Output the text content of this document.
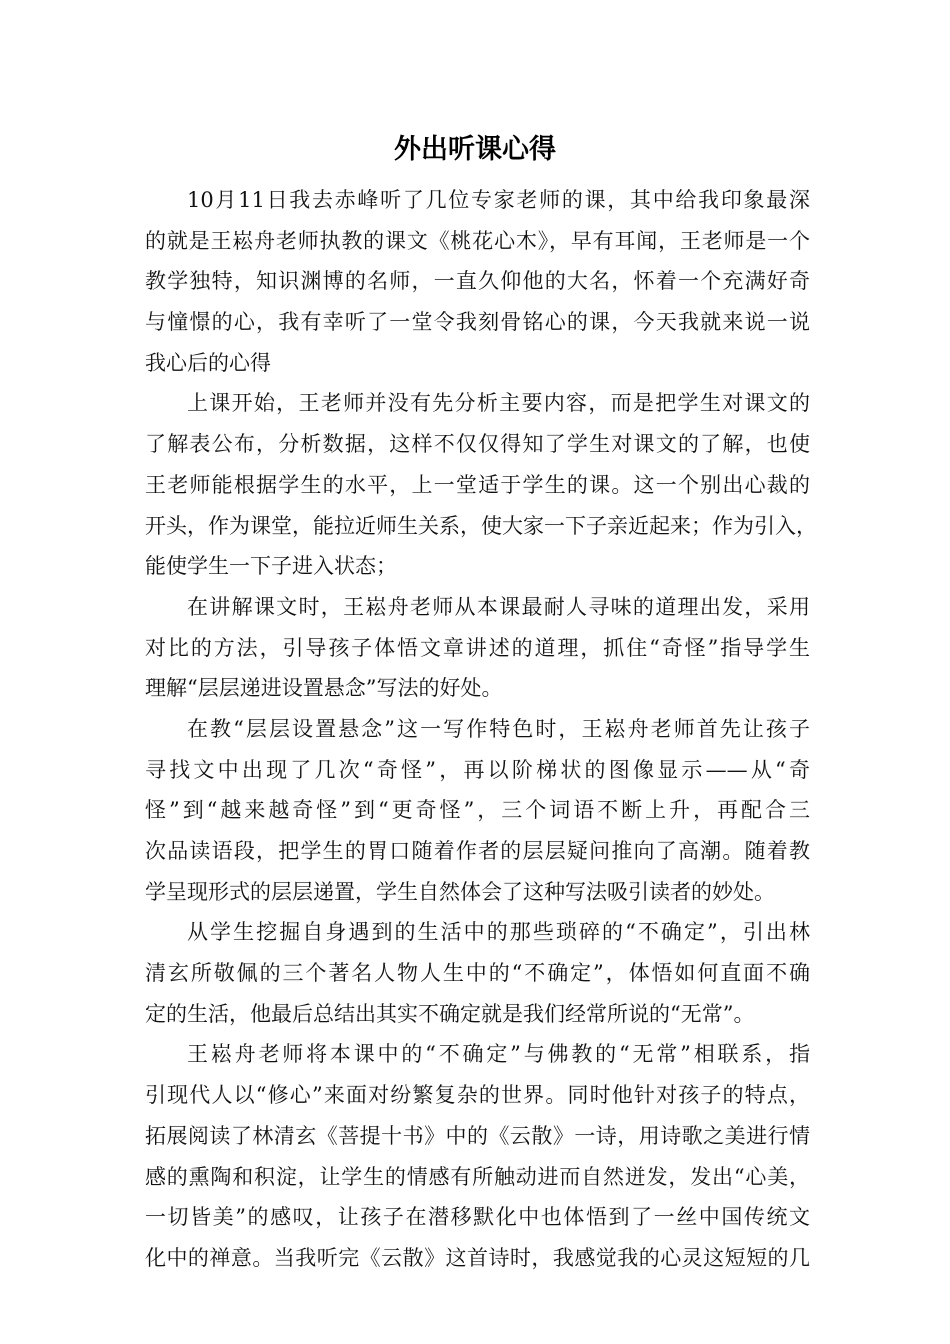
外出听课心得
10月11日我去赤峰听了几位专家老师的课，其中给我印象最深
的就是王崧舟老师执教的课文《桃花心木》，早有耳闻，王老师是一个
教学独特，知识渊博的名师，一直久仰他的大名，怀着一个充满好奇
与憧憬的心，我有幸听了一堂令我刻骨铭心的课，今天我就来说一说
我心后的心得
上课开始，王老师并没有先分析主要内容，而是把学生对课文的
了解表公布，分析数据，这样不仅仅得知了学生对课文的了解，也使
王老师能根据学生的水平，上一堂适于学生的课。这一个别出心裁的
开头，作为课堂，能拉近师生关系，使大家一下子亲近起来；作为引入，
能使学生一下子进入状态；
在讲解课文时，王崧舟老师从本课最耐人寻味的道理出发，采用
对比的方法，引导孩子体悟文章讲述的道理，抓住“奇怪”指导学生
理解“层层递进设置悬念”写法的好处。
在教“层层设置悬念”这一写作特色时，王崧舟老师首先让孩子
寻找文中出现了几次“奇怪”，再以阶梯状的图像显示——从“奇
怪”到“越来越奇怪”到“更奇怪”，三个词语不断上升，再配合三
次品读语段，把学生的胃口随着作者的层层疑问推向了高潮。随着教
学呈现形式的层层递置，学生自然体会了这种写法吸引读者的妙处。
从学生挖掘自身遇到的生活中的那些琐碎的“不确定”，引出林
清玄所敬佩的三个著名人物人生中的“不确定”，体悟如何直面不确
定的生活，他最后总结出其实不确定就是我们经常所说的“无常”。
王崧舟老师将本课中的“不确定”与佛教的“无常”相联系，指
引现代人以“修心”来面对纷繁复杂的世界。同时他针对孩子的特点，
拓展阅读了林清玄《菩提十书》中的《云散》一诗，用诗歌之美进行情
感的熏陶和积淀，让学生的情感有所触动进而自然迸发，发出“心美，
一切皆美”的感叹，让孩子在潜移默化中也体悟到了一丝中国传统文
化中的禅意。当我听完《云散》这首诗时，我感觉我的心灵这短短的几
